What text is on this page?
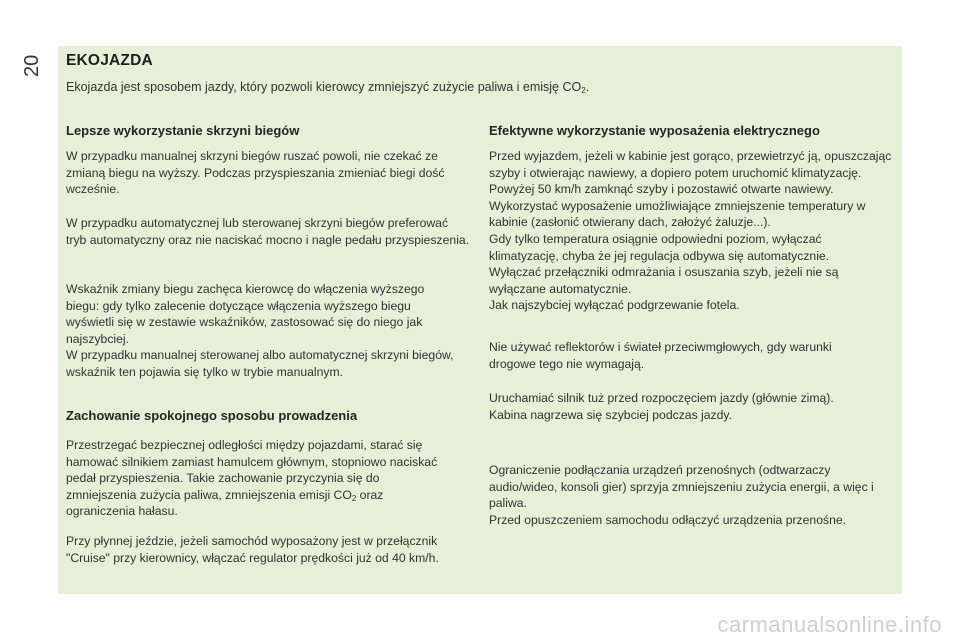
20 EKOJAZDA
Ekojazda jest sposobem jazdy, który pozwoli kierowcy zmniejszyć zużycie paliwa i emisję $CO_2$.
Lepsze wykorzystanie skrzyni biegów
W przypadku manualnej skrzyni biegów ruszać powoli, nie czekać ze zmianą biegu na wyższy. Podczas przyspieszania zmieniać biegi dość wcześnie.
W przypadku automatycznej lub sterowanej skrzyni biegów preferować tryb automatyczny oraz nie naciskać mocno i nagle pedału przyspieszenia.
Wskaźnik zmiany biegu zachęca kierowcę do włączenia wyższego biegu: gdy tylko zalecenie dotyczące włączenia wyższego biegu wyświetli się w zestawie wskaźników, zastosować się do niego jak najszybciej.
W przypadku manualnej sterowanej albo automatycznej skrzyni biegów, wskaźnik ten pojawia się tylko w trybie manualnym.
Zachowanie spokojnego sposobu prowadzenia
Przestrzegać bezpiecznej odległości między pojazdami, starać się hamować silnikiem zamiast hamulcem głównym, stopniowo naciskać pedał przyspieszenia. Takie zachowanie przyczynia się do zmniejszenia zużycia paliwa, zmniejszenia emisji $CO_2$ oraz ograniczenia hałasu.
Przy płynnej jeździe, jeżeli samochód wyposażony jest w przełącznik "Cruise" przy kierownicy, włączać regulator prędkości już od 40 km/h.
Efektywne wykorzystanie wyposażenia elektrycznego
Przed wyjazdem, jeżeli w kabinie jest gorąco, przewietrzyć ją, opuszczając szyby i otwierając nawiewy, a dopiero potem uruchomić klimatyzację.
Powyżej 50 km/h zamknąć szyby i pozostawić otwarte nawiewy.
Wykorzystać wyposażenie umożliwiające zmniejszenie temperatury w kabinie (zasłonić otwierany dach, założyć żaluzje...).
Gdy tylko temperatura osiągnie odpowiedni poziom, wyłączać klimatyzację, chyba że jej regulacja odbywa się automatycznie.
Wyłączać przełączniki odmrażania i osuszania szyb, jeżeli nie są wyłączane automatycznie.
Jak najszybciej wyłączać podgrzewanie fotela.
Nie używać reflektorów i świateł przeciwmgłowych, gdy warunki drogowe tego nie wymagają.
Uruchamiać silnik tuż przed rozpoczęciem jazdy (głównie zimą).
Kabina nagrzewa się szybciej podczas jazdy.
Ograniczenie podłączania urządzeń przenośnych (odtwarzaczy audio/wideo, konsoli gier) sprzyja zmniejszeniu zużycia energii, a więc i paliwa.
Przed opuszczeniem samochodu odłączyć urządzenia przenośne.
carmanualsonline.info
